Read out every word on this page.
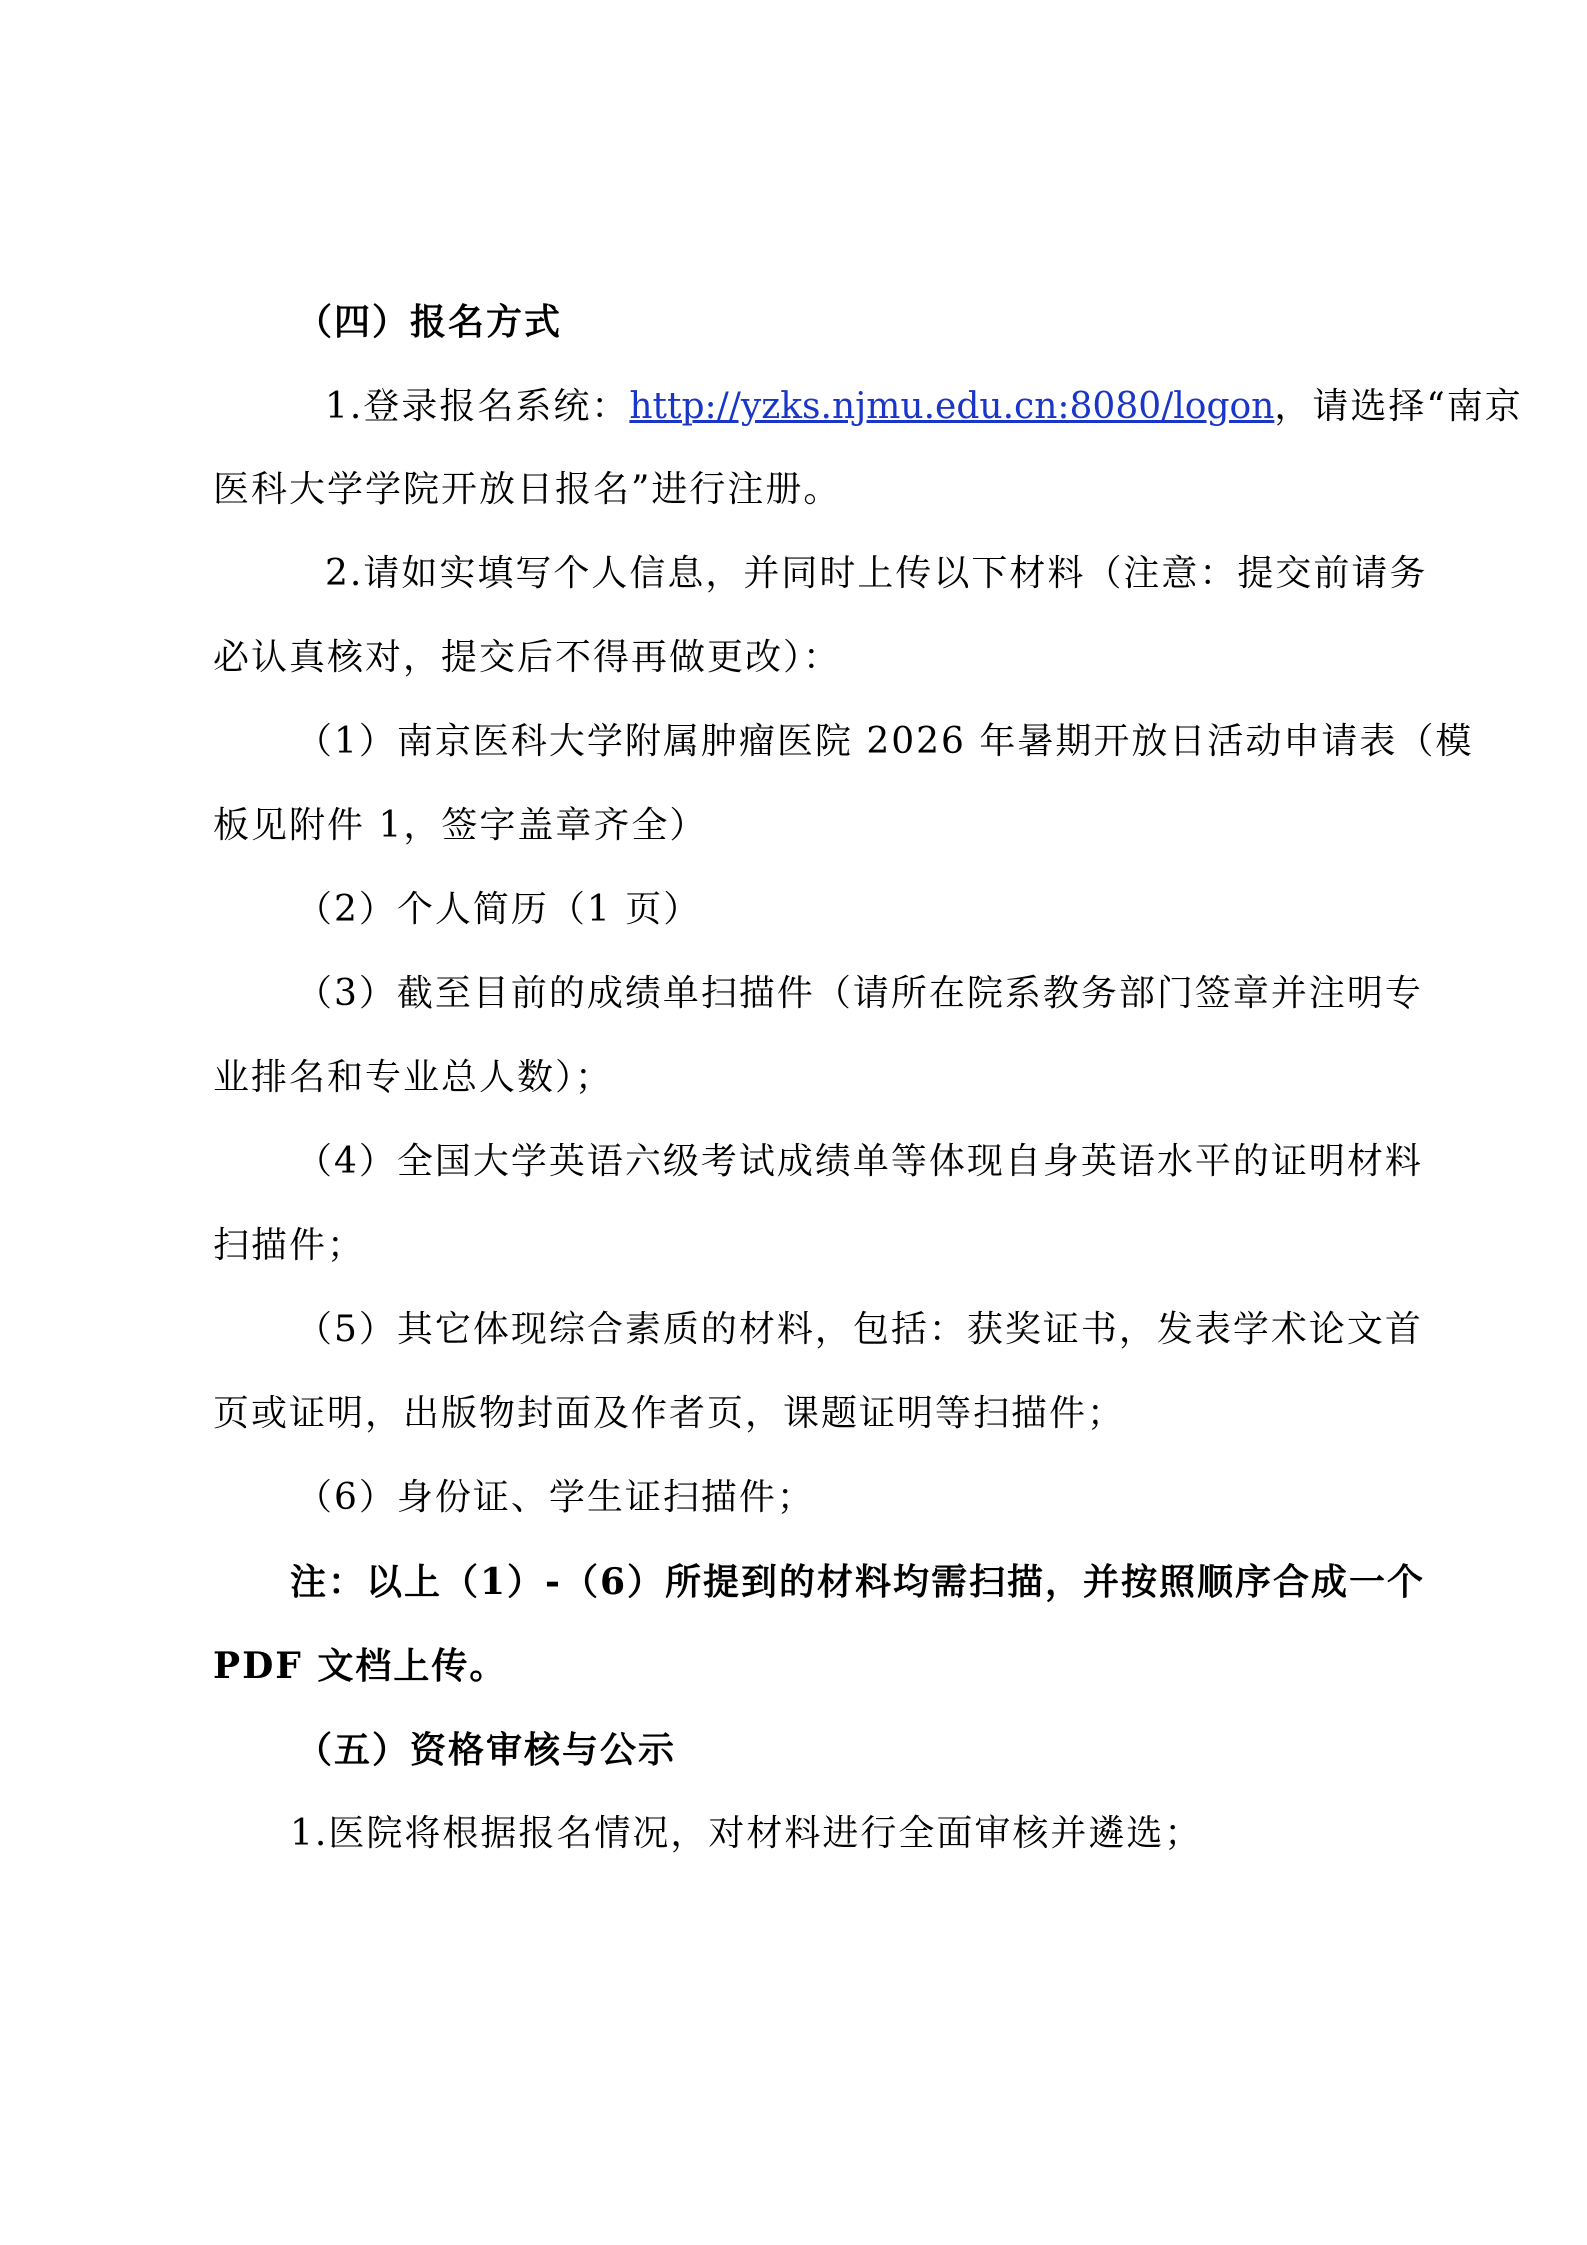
（四）报名方式
1.登录报名系统：http://yzks.njmu.edu.cn:8080/logon，请选择“南京
医科大学学院开放日报名”进行注册。
2.请如实填写个人信息，并同时上传以下材料（注意：提交前请务
必认真核对，提交后不得再做更改）：
（1）南京医科大学附属肿瘤医院 2026 年暑期开放日活动申请表（模
板见附件 1，签字盖章齐全）
（2）个人简历（1 页）
（3）截至目前的成绩单扫描件（请所在院系教务部门签章并注明专
业排名和专业总人数）；
（4）全国大学英语六级考试成绩单等体现自身英语水平的证明材料
扫描件；
（5）其它体现综合素质的材料，包括：获奖证书，发表学术论文首
页或证明，出版物封面及作者页，课题证明等扫描件；
（6）身份证、学生证扫描件；
注：以上（1）-（6）所提到的材料均需扫描，并按照顺序合成一个
PDF 文档上传。
（五）资格审核与公示
1.医院将根据报名情况，对材料进行全面审核并遴选；
